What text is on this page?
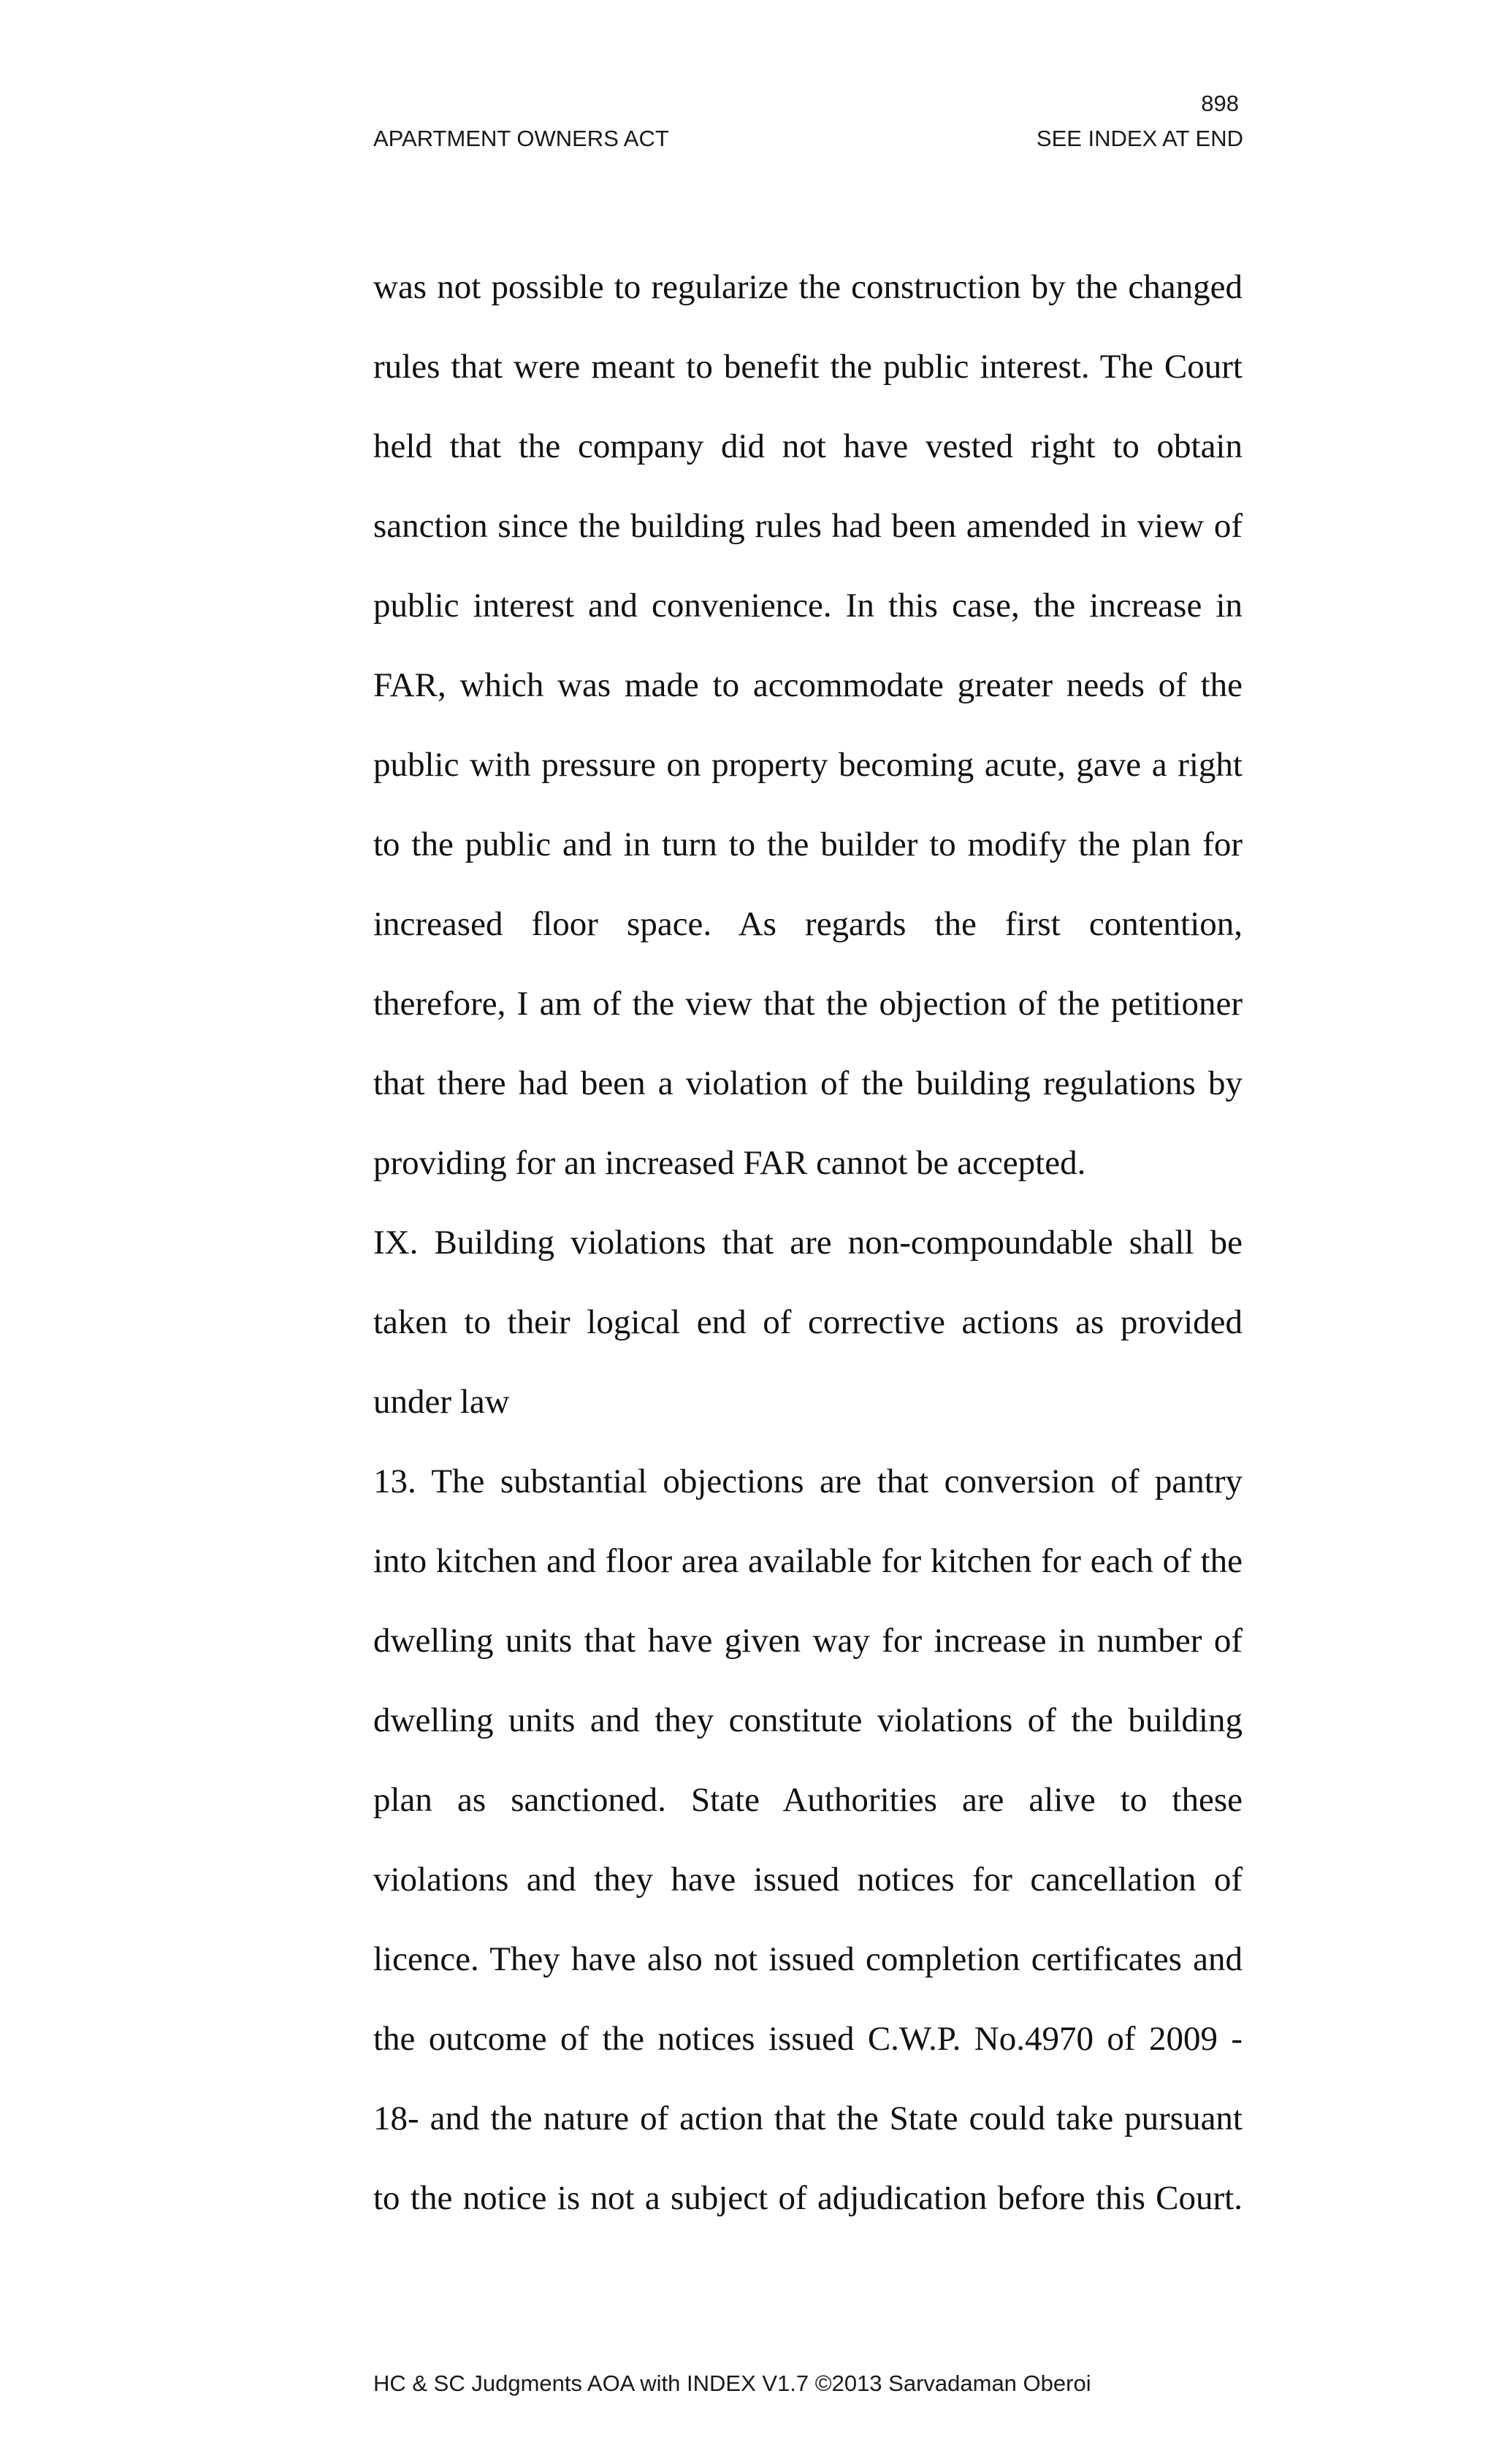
898
APARTMENT OWNERS ACT	SEE INDEX AT END
was not possible to regularize the construction by the changed
rules that were meant to benefit the public interest. The Court
held that the company did not have vested right to obtain
sanction since the building rules had been amended in view of
public interest and convenience. In this case, the increase in
FAR, which was made to accommodate greater needs of the
public with pressure on property becoming acute, gave a right
to the public and in turn to the builder to modify the plan for
increased floor space. As regards the first contention,
therefore, I am of the view that the objection of the petitioner
that there had been a violation of the building regulations by
providing for an increased FAR cannot be accepted.
IX. Building violations that are non-compoundable shall be
taken to their logical end of corrective actions as provided
under law
13. The substantial objections are that conversion of pantry
into kitchen and floor area available for kitchen for each of the
dwelling units that have given way for increase in number of
dwelling units and they constitute violations of the building
plan as sanctioned. State Authorities are alive to these
violations and they have issued notices for cancellation of
licence. They have also not issued completion certificates and
the outcome of the notices issued C.W.P. No.4970 of 2009 -
18- and the nature of action that the State could take pursuant
to the notice is not a subject of adjudication before this Court.
HC & SC Judgments AOA with INDEX V1.7 ©2013 Sarvadaman Oberoi
